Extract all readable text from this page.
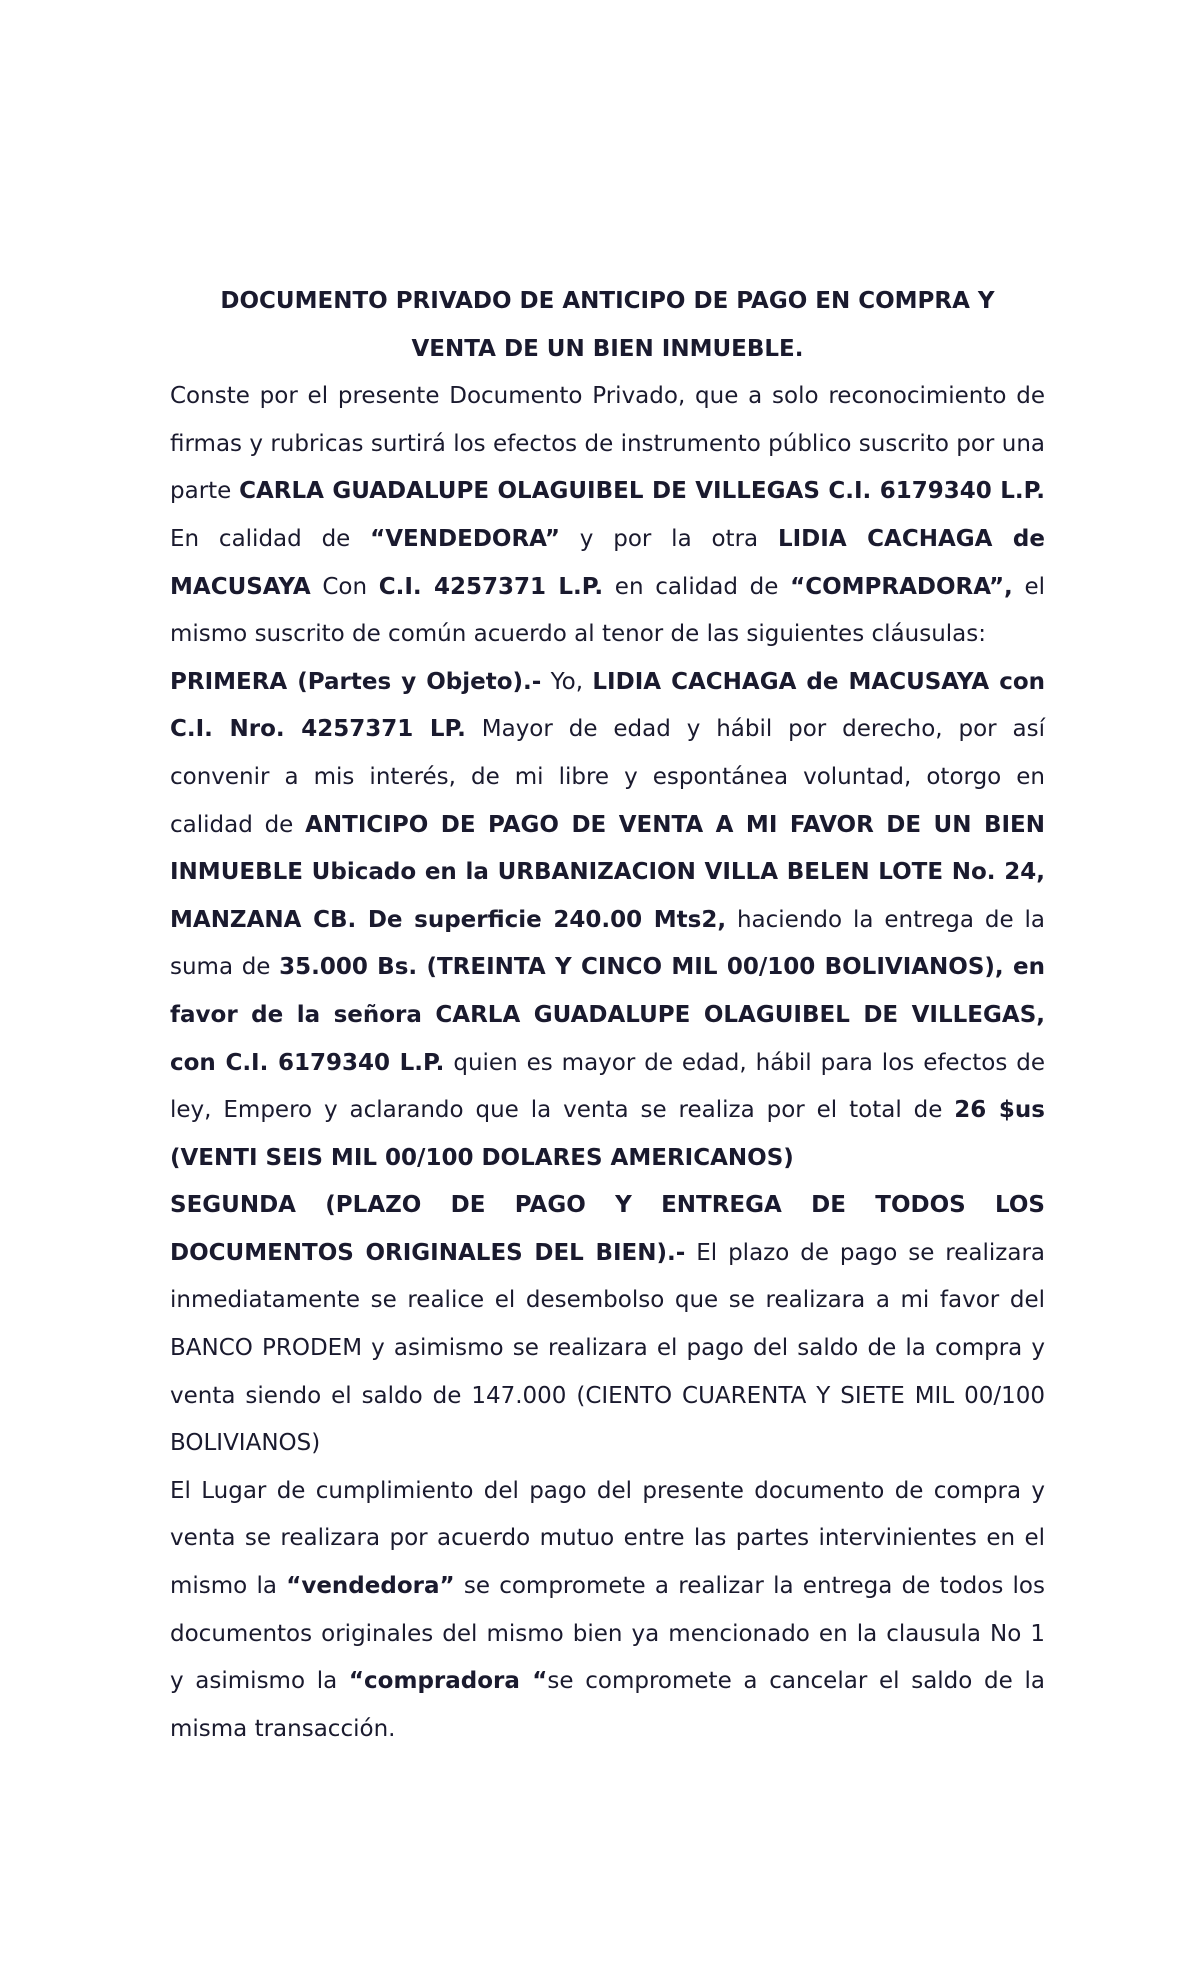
DOCUMENTO PRIVADO DE ANTICIPO DE PAGO EN COMPRA Y

VENTA DE UN BIEN INMUEBLE.

Conste por el presente Documento Privado, que a solo reconocimiento de firmas y rubricas surtirá los efectos de instrumento público suscrito por una parte CARLA GUADALUPE OLAGUIBEL DE VILLEGAS C.I. 6179340 L.P. En calidad de “VENDEDORA” y por la otra LIDIA CACHAGA de MACUSAYA Con C.I. 4257371 L.P. en calidad de “COMPRADORA”, el mismo suscrito de común acuerdo al tenor de las siguientes cláusulas:

PRIMERA (Partes y Objeto).- Yo, LIDIA CACHAGA de MACUSAYA con C.I. Nro. 4257371 LP. Mayor de edad y hábil por derecho, por así convenir a mis interés, de mi libre y espontánea voluntad, otorgo en calidad de ANTICIPO DE PAGO DE VENTA A MI FAVOR DE UN BIEN INMUEBLE Ubicado en la URBANIZACION VILLA BELEN LOTE No. 24, MANZANA CB. De superficie 240.00 Mts2, haciendo la entrega de la suma de 35.000 Bs. (TREINTA Y CINCO MIL 00/100 BOLIVIANOS), en favor de la señora CARLA GUADALUPE OLAGUIBEL DE VILLEGAS, con C.I. 6179340 L.P. quien es mayor de edad, hábil para los efectos de ley, Empero y aclarando que la venta se realiza por el total de 26 $us (VENTI SEIS MIL 00/100 DOLARES AMERICANOS)

SEGUNDA (PLAZO DE PAGO Y ENTREGA DE TODOS LOS DOCUMENTOS ORIGINALES DEL BIEN).- El plazo de pago se realizara inmediatamente se realice el desembolso que se realizara a mi favor del BANCO PRODEM y asimismo se realizara el pago del saldo de la compra y venta siendo el saldo de 147.000 (CIENTO CUARENTA Y SIETE MIL 00/100 BOLIVIANOS)

El Lugar de cumplimiento del pago del presente documento de compra y venta se realizara por acuerdo mutuo entre las partes intervinientes en el mismo la “vendedora” se compromete a realizar la entrega de todos los documentos originales del mismo bien ya mencionado en la clausula No 1 y asimismo la “compradora “se compromete a cancelar el saldo de la misma transacción.
